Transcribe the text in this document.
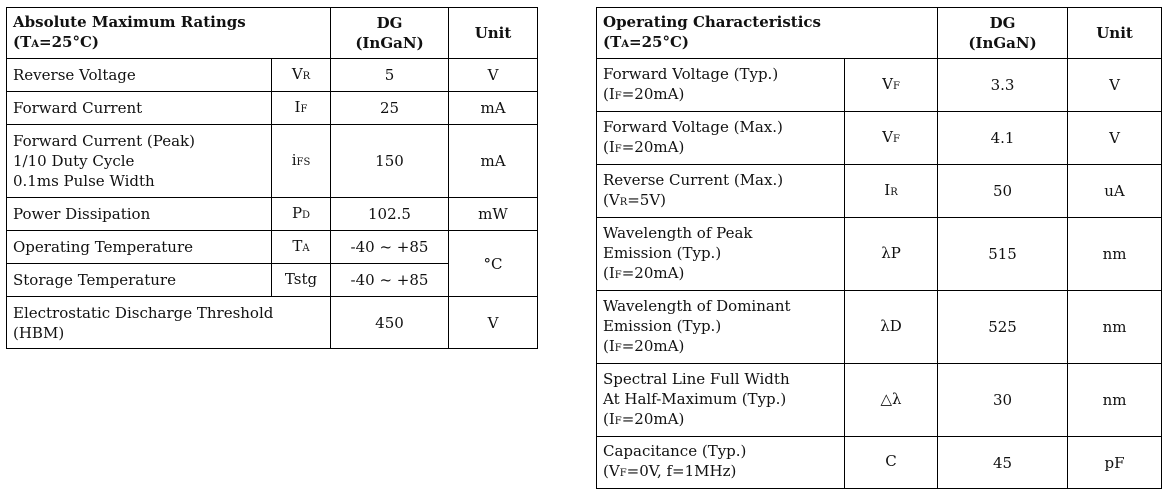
Absolute Maximum Ratings
(TA=25°C)		DG
(InGaN)	Unit
Reverse Voltage	VR	5	V
Forward Current	IF	25	mA
Forward Current (Peak)
1/10 Duty Cycle
0.1ms Pulse Width	iFS	150	mA
Power Dissipation	PD	102.5	mW
Operating Temperature	TA	-40 ~ +85	°C
Storage Temperature	Tstg	-40 ~ +85	
Electrostatic Discharge Threshold
(HBM)		450	V
Operating Characteristics
(TA=25°C)		DG
(InGaN)	Unit
Forward Voltage (Typ.)
(IF=20mA)	VF	3.3	V
Forward Voltage (Max.)
(IF=20mA)	VF	4.1	V
Reverse Current (Max.)
(VR=5V)	IR	50	uA
Wavelength of Peak
Emission (Typ.)
(IF=20mA)	λP	515	nm
Wavelength of Dominant
Emission (Typ.)
(IF=20mA)	λD	525	nm
Spectral Line Full Width
At Half-Maximum (Typ.)
(IF=20mA)	△λ	30	nm
Capacitance (Typ.)
(VF=0V, f=1MHz)	C	45	pF
